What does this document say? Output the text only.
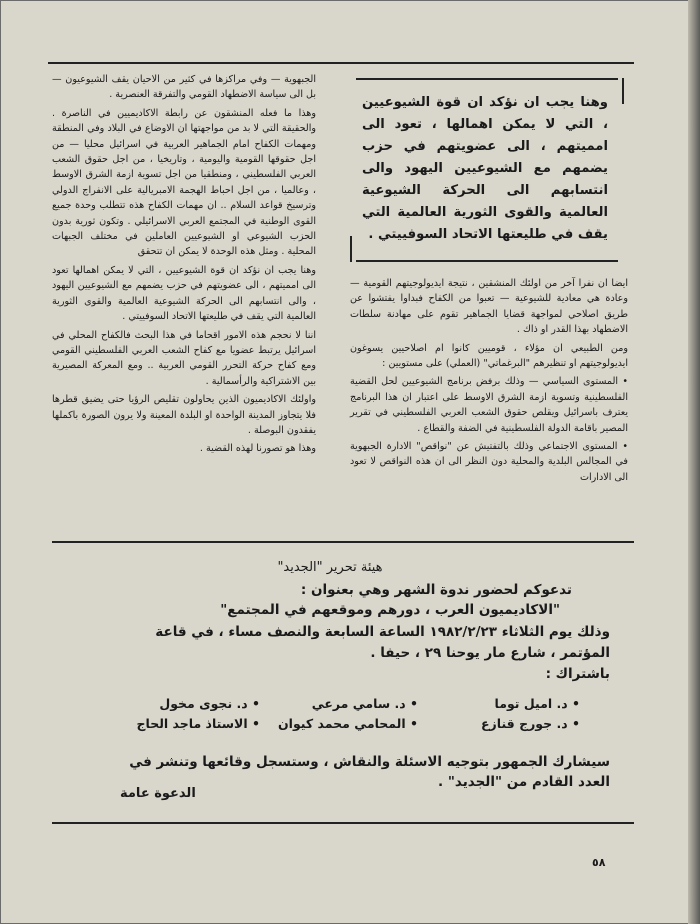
الجبهوية — وفي مراكزها في كثير من الاحيان يقف الشيوعيون — بل الى سياسة الاضطهاد القومي والتفرقة العنصرية .

وهذا ما فعله المنشقون عن رابطة الاكاديميين في الناصرة . والحقيقة التي لا بد من مواجهتها ان الاوضاع في البلاد وفي المنطقة ومهمات الكفاح امام الجماهير العربية في اسرائيل محليا — من اجل حقوقها القومية واليومية ، وتاريخيا ، من اجل حقوق الشعب العربي الفلسطيني ، ومنطقيا من اجل تسوية ازمة الشرق الاوسط ، وعالميا ، من اجل احباط الهجمة الامبريالية على الانفراج الدولي وترسيخ قواعد السلام .. ان مهمات الكفاح هذه تتطلب وحدة جميع القوى الوطنية في المجتمع العربي الاسرائيلي . وتكون ثورية بدون الحزب الشيوعي او الشيوعيين العاملين في مختلف الجبهات المحلية . ومثل هذه الوحدة لا يمكن ان تتحقق

وهنا يجب ان نؤكد ان قوة الشيوعيين ، التي لا يمكن اهمالها تعود الى امميتهم ، الى عضويتهم في حزب يضمهم مع الشيوعيين اليهود ، والى انتسابهم الى الحركة الشيوعية العالمية والقوى الثورية العالمية التي يقف في طليعتها الاتحاد السوفييتي .

اننا لا نحجم هذه الامور اقحاما في هذا البحث فالكفاح المحلي في اسرائيل يرتبط عضويا مع كفاح الشعب العربي الفلسطيني القومي ومع كفاح حركة التحرر القومي العربية .. ومع المعركة المصيرية بين الاشتراكية والرأسمالية .

واولئك الاكاديميون الذين يحاولون تقليص الرؤيا حتى يضيق قطرها فلا يتجاوز المدينة الواحدة او البلدة المعينة ولا يرون الصورة باكملها يفقدون البوصلة .

وهذا هو تصورنا لهذه القضية .

وهنا يجب ان نؤكد ان قوة الشيوعيين ، التي لا يمكن اهمالها ، تعود الى امميتهم ، الى عضويتهم في حزب يضمهم مع الشيوعيين اليهود والى انتسابهم الى الحركة الشيوعية العالمية والقوى الثورية العالمية التي يقف في طليعتها الاتحاد السوفييتي .

ايضا ان نفرا آخر من اولئك المنشقين ، نتيجة ايديولوجيتهم القومية — وعادة هي معادية للشيوعية — تعبوا من الكفاح فبداوا يفتشوا عن طريق اصلاحي لمواجهة قضايا الجماهير تقوم على مهادنة سلطات الاضطهاد بهذا القدر او ذاك .

ومن الطبيعي ان مؤلاء ، قوميين كانوا ام اصلاحيين يسوغون ايديولوجيتهم او تنظيرهم "البرغماتي" (العملي) على مستويين :

• المستوى السياسي — وذلك برفض برنامج الشيوعيين لحل القضية الفلسطينية وتسوية ازمة الشرق الاوسط على اعتبار ان هذا البرنامج يعترف باسرائيل ويقلص حقوق الشعب العربي الفلسطيني في تقرير المصير باقامة الدولة الفلسطينية في الضفة والقطاع .

• المستوى الاجتماعي وذلك بالتفتيش عن "نواقص" الادارة الجبهوية في المجالس البلدية والمحلية دون النظر الى ان هذه النواقص لا تعود الى الادارات

هيئة تحرير "الجديد"
تدعوكم لحضور ندوة الشهر وهي بعنوان :
"الاكاديميون العرب ، دورهم وموقعهم في المجتمع"
وذلك يوم الثلاثاء ١٩٨٢/٢/٢٣ الساعة السابعة والنصف مساء ، في قاعة
المؤتمر ، شارع مار يوحنا ٢٩ ، حيفا .
باشتراك :
• د. اميل توما
• د. سامي مرعي
• د. نجوى مخول
• د. جورج قنازع
• المحامي محمد كيوان
• الاستاذ ماجد الحاج
سيشارك الجمهور بتوجيه الاسئلة والنقاش ، وستسجل وقائعها وتنشر في
العدد القادم من "الجديد" .
الدعوة عامة
٥٨
